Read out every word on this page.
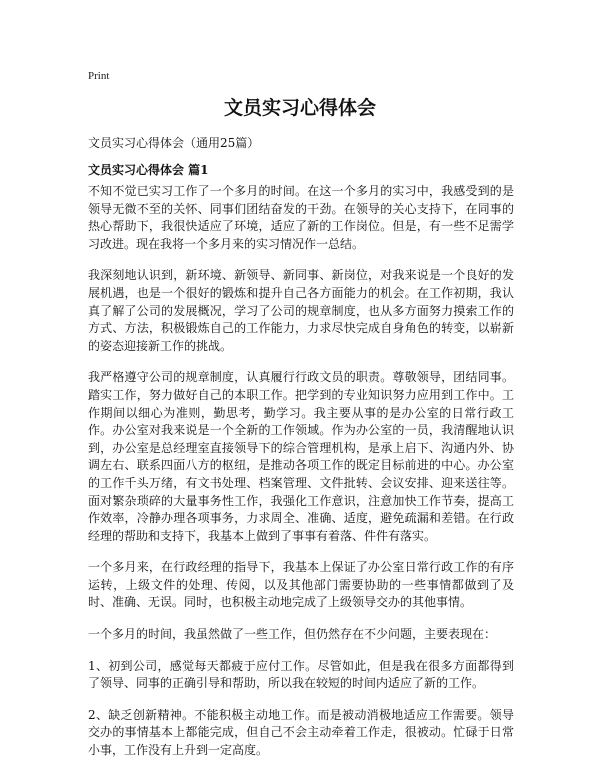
Print

文员实习心得体会

文员实习心得体会（通用25篇）

文员实习心得体会 篇1

不知不觉已实习工作了一个多月的时间。在这一个多月的实习中，我感受到的是领导无微不至的关怀、同事们团结奋发的干劲。在领导的关心支持下，在同事的热心帮助下，我很快适应了环境，适应了新的工作岗位。但是，有一些不足需学习改进。现在我将一个多月来的实习情况作一总结。

我深刻地认识到，新环境、新领导、新同事、新岗位，对我来说是一个良好的发展机遇，也是一个很好的锻炼和提升自己各方面能力的机会。在工作初期，我认真了解了公司的发展概况，学习了公司的规章制度，也从多方面努力摸索工作的方式、方法，积极锻炼自己的工作能力，力求尽快完成自身角色的转变，以崭新的姿态迎接新工作的挑战。

我严格遵守公司的规章制度，认真履行行政文员的职责。尊敬领导，团结同事。踏实工作，努力做好自己的本职工作。把学到的专业知识努力应用到工作中。工作期间以细心为准则，勤思考，勤学习。我主要从事的是办公室的日常行政工作。办公室对我来说是一个全新的工作领域。作为办公室的一员，我清醒地认识到，办公室是总经理室直接领导下的综合管理机构，是承上启下、沟通内外、协调左右、联系四面八方的枢纽，是推动各项工作的既定目标前进的中心。办公室的工作千头万绪，有文书处理、档案管理、文件批转、会议安排、迎来送往等。面对繁杂琐碎的大量事务性工作，我强化工作意识，注意加快工作节奏，提高工作效率，冷静办理各项事务，力求周全、准确、适度，避免疏漏和差错。在行政经理的帮助和支持下，我基本上做到了事事有着落、件件有落实。

一个多月来，在行政经理的指导下，我基本上保证了办公室日常行政工作的有序运转，上级文件的处理、传阅，以及其他部门需要协助的一些事情都做到了及时、准确、无误。同时，也积极主动地完成了上级领导交办的其他事情。

一个多月的时间，我虽然做了一些工作，但仍然存在不少问题，主要表现在：

1、初到公司，感觉每天都疲于应付工作。尽管如此，但是我在很多方面都得到了领导、同事的正确引导和帮助，所以我在较短的时间内适应了新的工作。

2、缺乏创新精神。不能积极主动地工作。而是被动消极地适应工作需要。领导交办的事情基本上都能完成，但自己不会主动牵着工作走，很被动。忙碌于日常小事，工作没有上升到一定高度。
